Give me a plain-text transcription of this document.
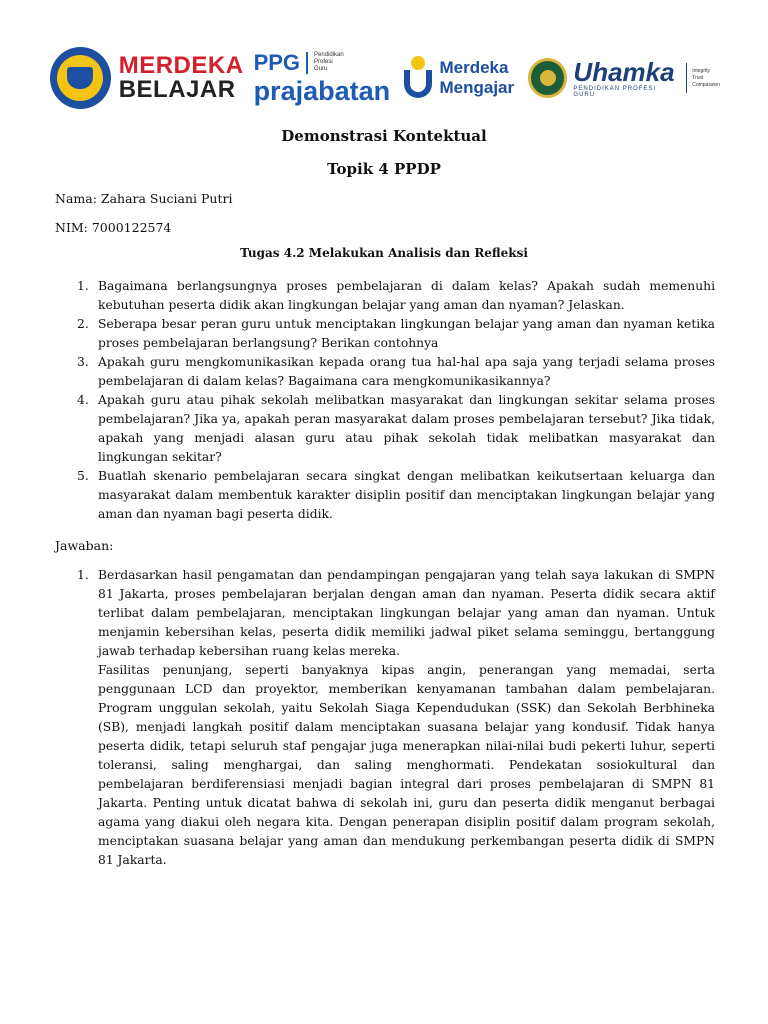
MERDEKA
BELAJAR
PPG Pendidikan
Profesi
Guru
prajabatan
Merdeka
Mengajar
Uhamka
PENDIDIKAN PROFESI GURU
Integrity
Trust
Compassion
Demonstrasi Kontektual
Topik 4 PPDP
Nama: Zahara Suciani Putri
NIM: 7000122574
Tugas 4.2 Melakukan Analisis dan Refleksi
1. Bagaimana berlangsungnya proses pembelajaran di dalam kelas? Apakah sudah memenuhi kebutuhan peserta didik akan lingkungan belajar yang aman dan nyaman? Jelaskan.
2. Seberapa besar peran guru untuk menciptakan lingkungan belajar yang aman dan nyaman ketika proses pembelajaran berlangsung? Berikan contohnya
3. Apakah guru mengkomunikasikan kepada orang tua hal-hal apa saja yang terjadi selama proses pembelajaran di dalam kelas? Bagaimana cara mengkomunikasikannya?
4. Apakah guru atau pihak sekolah melibatkan masyarakat dan lingkungan sekitar selama proses pembelajaran? Jika ya, apakah peran masyarakat dalam proses pembelajaran tersebut? Jika tidak, apakah yang menjadi alasan guru atau pihak sekolah tidak melibatkan masyarakat dan lingkungan sekitar?
5. Buatlah skenario pembelajaran secara singkat dengan melibatkan keikutsertaan keluarga dan masyarakat dalam membentuk karakter disiplin positif dan menciptakan lingkungan belajar yang aman dan nyaman bagi peserta didik.
Jawaban:
1. Berdasarkan hasil pengamatan dan pendampingan pengajaran yang telah saya lakukan di SMPN 81 Jakarta, proses pembelajaran berjalan dengan aman dan nyaman. Peserta didik secara aktif terlibat dalam pembelajaran, menciptakan lingkungan belajar yang aman dan nyaman. Untuk menjamin kebersihan kelas, peserta didik memiliki jadwal piket selama seminggu, bertanggung jawab terhadap kebersihan ruang kelas mereka.

Fasilitas penunjang, seperti banyaknya kipas angin, penerangan yang memadai, serta penggunaan LCD dan proyektor, memberikan kenyamanan tambahan dalam pembelajaran. Program unggulan sekolah, yaitu Sekolah Siaga Kependudukan (SSK) dan Sekolah Berbhineka (SB), menjadi langkah positif dalam menciptakan suasana belajar yang kondusif. Tidak hanya peserta didik, tetapi seluruh staf pengajar juga menerapkan nilai-nilai budi pekerti luhur, seperti toleransi, saling menghargai, dan saling menghormati. Pendekatan sosiokultural dan pembelajaran berdiferensiasi menjadi bagian integral dari proses pembelajaran di SMPN 81 Jakarta. Penting untuk dicatat bahwa di sekolah ini, guru dan peserta didik menganut berbagai agama yang diakui oleh negara kita. Dengan penerapan disiplin positif dalam program sekolah, menciptakan suasana belajar yang aman dan mendukung perkembangan peserta didik di SMPN 81 Jakarta.
